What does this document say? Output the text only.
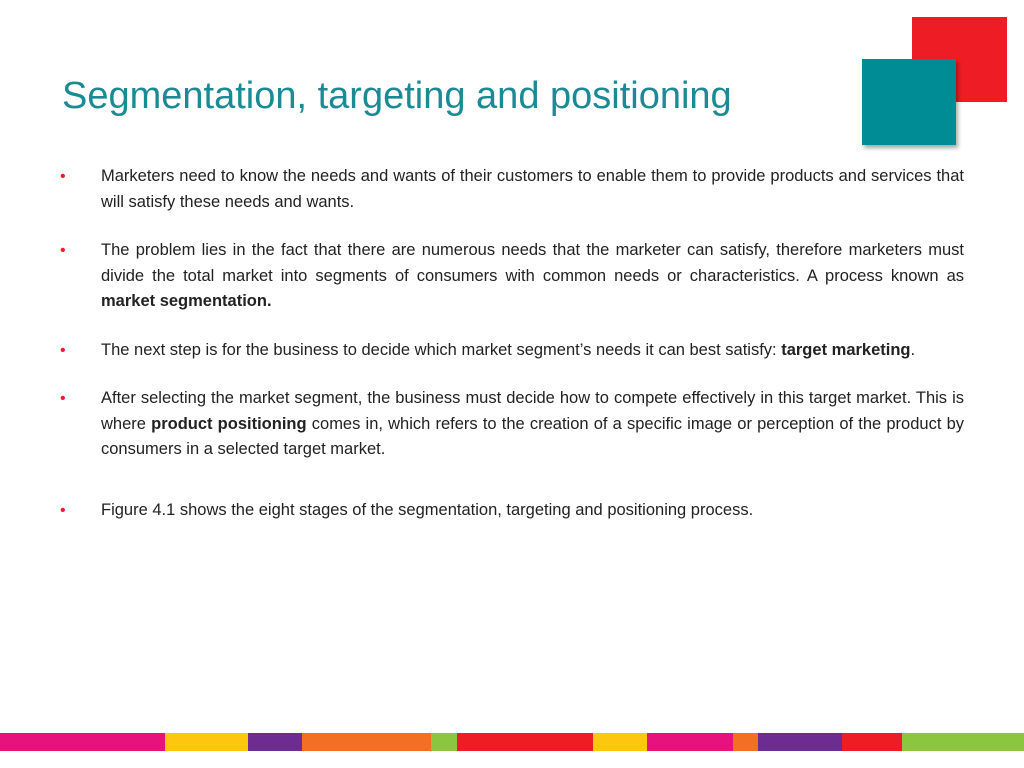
Segmentation, targeting and positioning
• Marketers need to know the needs and wants of their customers to enable them to provide products and services that will satisfy these needs and wants.
• The problem lies in the fact that there are numerous needs that the marketer can satisfy, therefore marketers must divide the total market into segments of consumers with common needs or characteristics. A process known as market segmentation.
• The next step is for the business to decide which market segment’s needs it can best satisfy: target marketing.
• After selecting the market segment, the business must decide how to compete effectively in this target market. This is where product positioning comes in, which refers to the creation of a specific image or perception of the product by consumers in a selected target market.
• Figure 4.1 shows the eight stages of the segmentation, targeting and positioning process.
